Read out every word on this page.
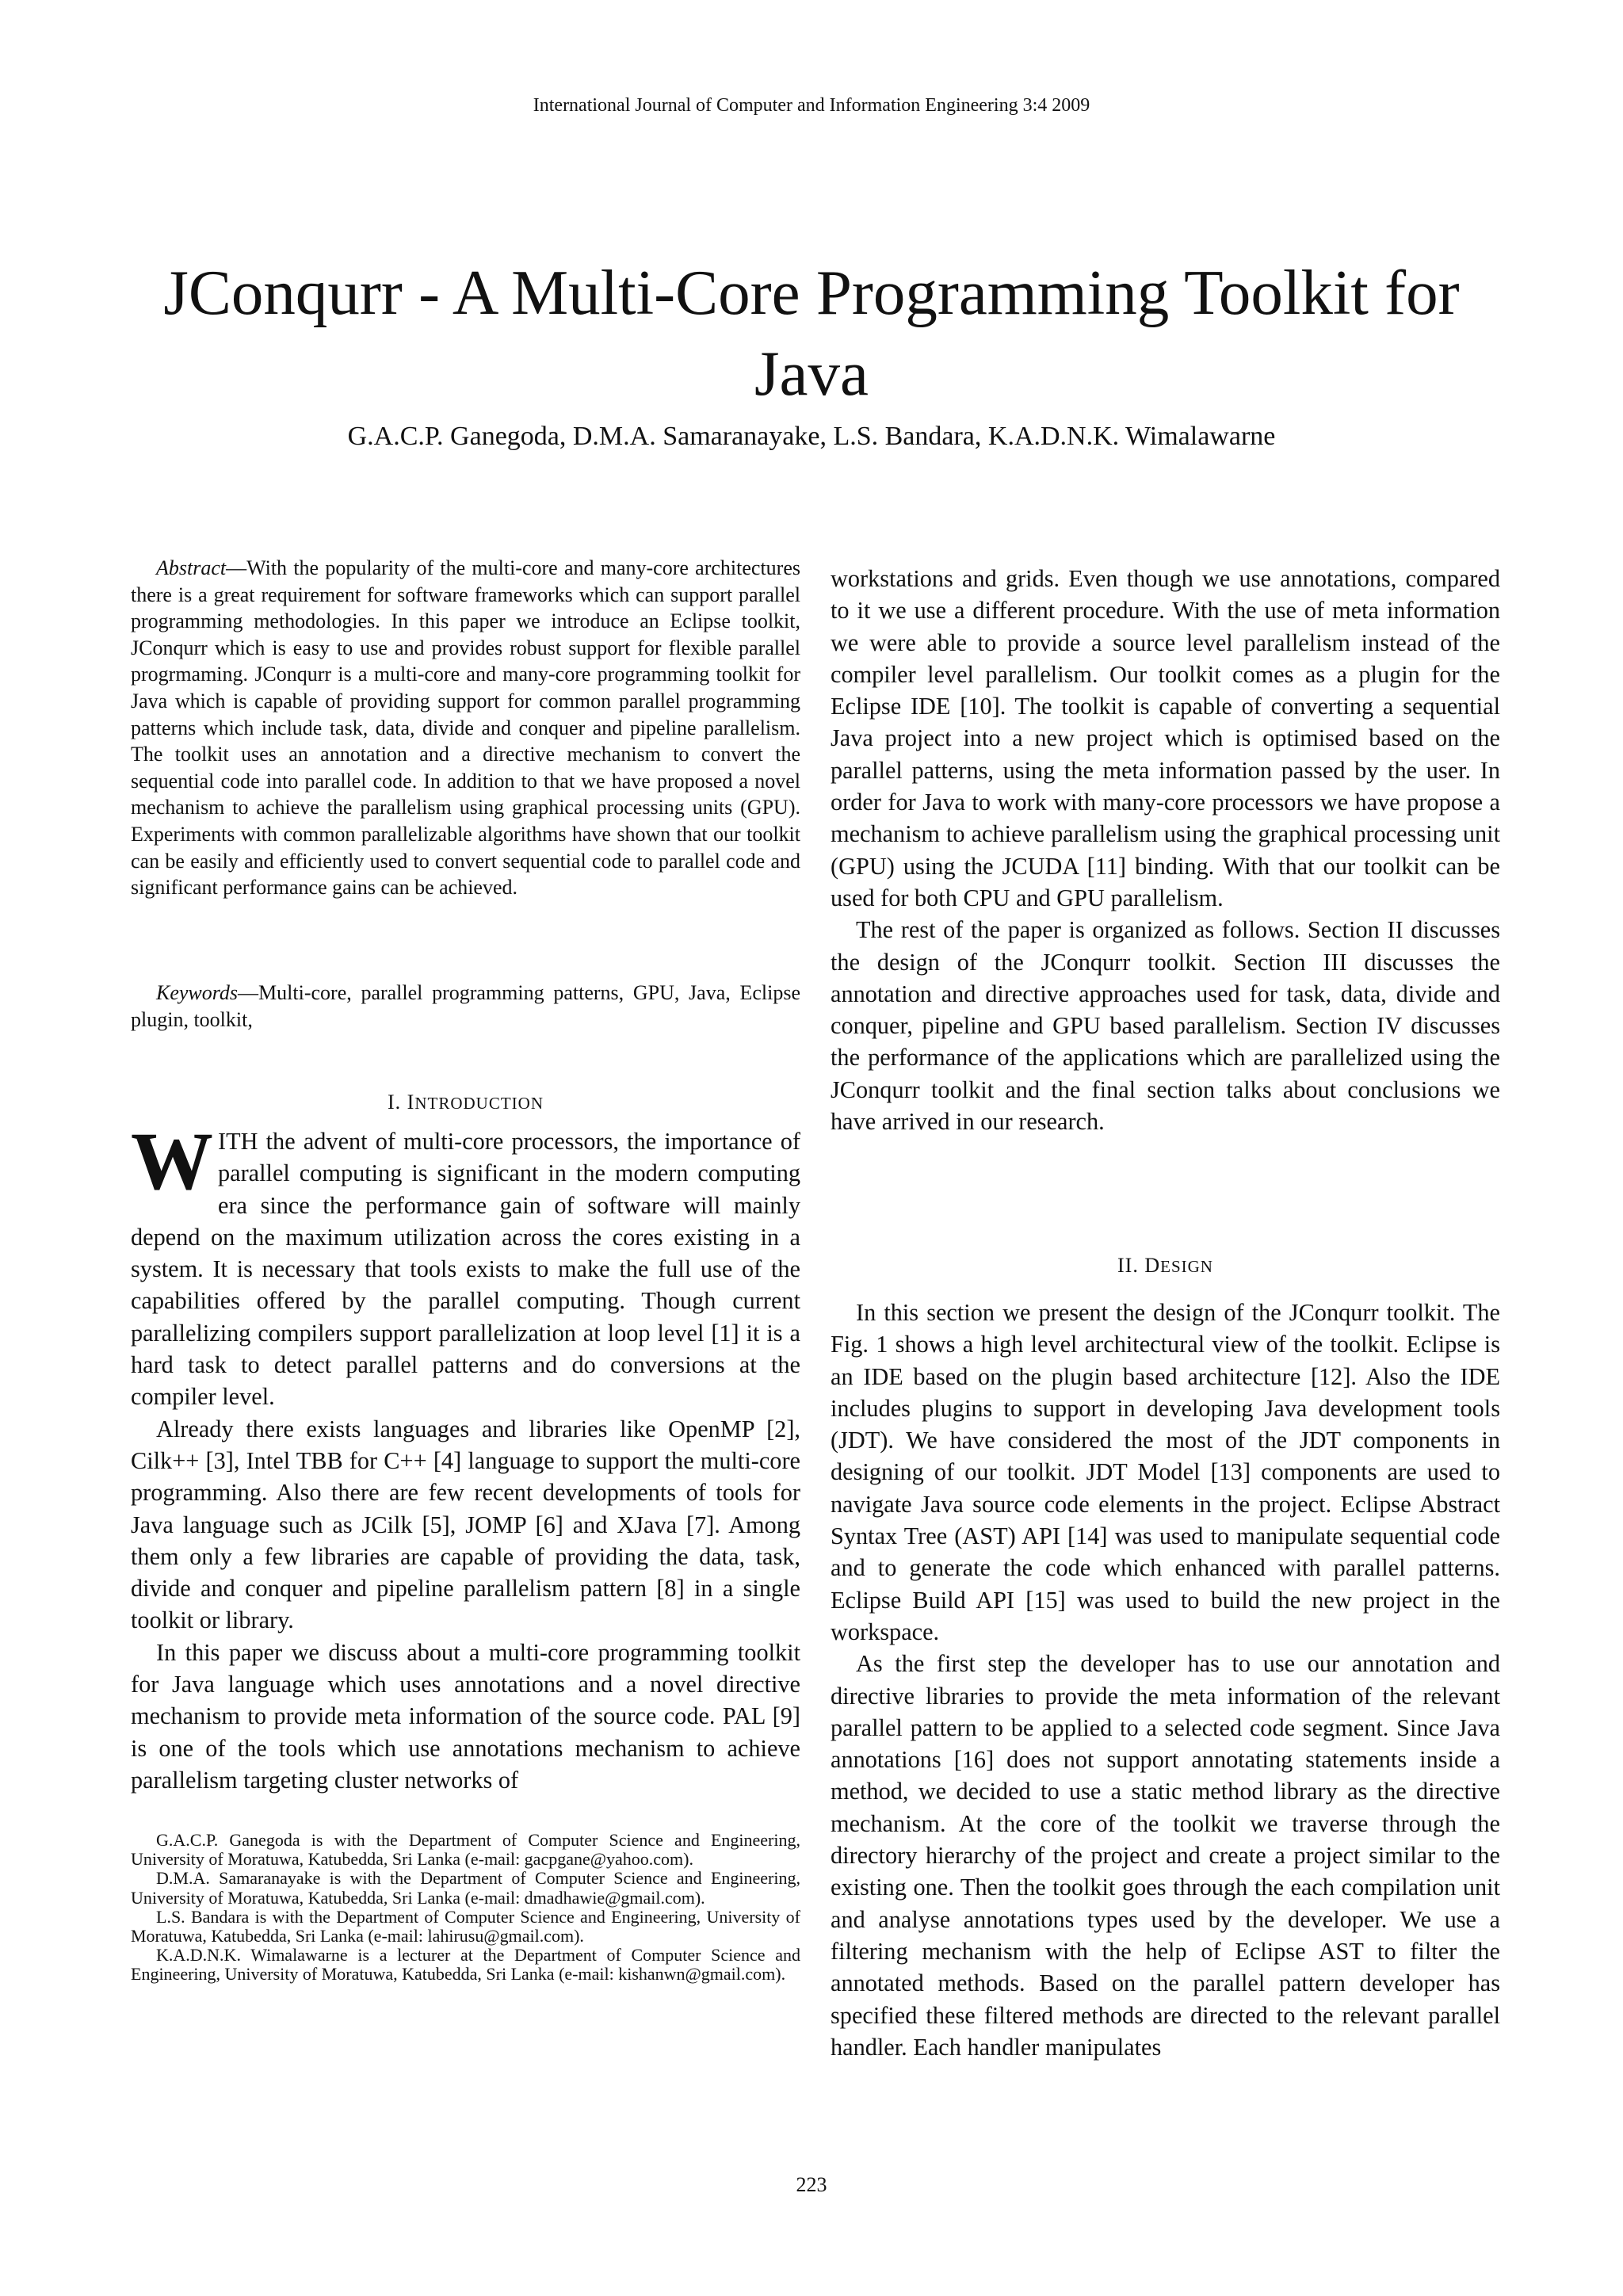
International Journal of Computer and Information Engineering 3:4 2009
JConqurr - A Multi-Core Programming Toolkit for Java
G.A.C.P. Ganegoda, D.M.A. Samaranayake, L.S. Bandara, K.A.D.N.K. Wimalawarne

Abstract—With the popularity of the multi-core and many-core architectures there is a great requirement for software frameworks which can support parallel programming methodologies. In this paper we introduce an Eclipse toolkit, JConqurr which is easy to use and provides robust support for flexible parallel progrmaming. JConqurr is a multi-core and many-core programming toolkit for Java which is capable of providing support for common parallel programming patterns which include task, data, divide and conquer and pipeline parallelism. The toolkit uses an annotation and a directive mechanism to convert the sequential code into parallel code. In addition to that we have proposed a novel mechanism to achieve the parallelism using graphical processing units (GPU). Experiments with common parallelizable algorithms have shown that our toolkit can be easily and efficiently used to convert sequential code to parallel code and significant performance gains can be achieved.

Keywords—Multi-core, parallel programming patterns, GPU, Java, Eclipse plugin, toolkit,

I. INTRODUCTION

WITH the advent of multi-core processors, the importance of parallel computing is significant in the modern computing era since the performance gain of software will mainly depend on the maximum utilization across the cores existing in a system. It is necessary that tools exists to make the full use of the capabilities offered by the parallel computing. Though current parallelizing compilers support parallelization at loop level [1] it is a hard task to detect parallel patterns and do conversions at the compiler level.

Already there exists languages and libraries like OpenMP [2], Cilk++ [3], Intel TBB for C++ [4] language to support the multi-core programming. Also there are few recent developments of tools for Java language such as JCilk [5], JOMP [6] and XJava [7]. Among them only a few libraries are capable of providing the data, task, divide and conquer and pipeline parallelism pattern [8] in a single toolkit or library.

In this paper we discuss about a multi-core programming toolkit for Java language which uses annotations and a novel directive mechanism to provide meta information of the source code. PAL [9] is one of the tools which use annotations mechanism to achieve parallelism targeting cluster networks of

G.A.C.P. Ganegoda is with the Department of Computer Science and Engineering, University of Moratuwa, Katubedda, Sri Lanka (e-mail: gacpgane@yahoo.com).

D.M.A. Samaranayake is with the Department of Computer Science and Engineering, University of Moratuwa, Katubedda, Sri Lanka (e-mail: dmadhawie@gmail.com).

L.S. Bandara is with the Department of Computer Science and Engineering, University of Moratuwa, Katubedda, Sri Lanka (e-mail: lahirusu@gmail.com).

K.A.D.N.K. Wimalawarne is a lecturer at the Department of Computer Science and Engineering, University of Moratuwa, Katubedda, Sri Lanka (e-mail: kishanwn@gmail.com).

workstations and grids. Even though we use annotations, compared to it we use a different procedure. With the use of meta information we were able to provide a source level parallelism instead of the compiler level parallelism. Our toolkit comes as a plugin for the Eclipse IDE [10]. The toolkit is capable of converting a sequential Java project into a new project which is optimised based on the parallel patterns, using the meta information passed by the user. In order for Java to work with many-core processors we have propose a mechanism to achieve parallelism using the graphical processing unit (GPU) using the JCUDA [11] binding. With that our toolkit can be used for both CPU and GPU parallelism.

The rest of the paper is organized as follows. Section II discusses the design of the JConqurr toolkit. Section III discusses the annotation and directive approaches used for task, data, divide and conquer, pipeline and GPU based parallelism. Section IV discusses the performance of the applications which are parallelized using the JConqurr toolkit and the final section talks about conclusions we have arrived in our research.

II. DESIGN

In this section we present the design of the JConqurr toolkit. The Fig. 1 shows a high level architectural view of the toolkit. Eclipse is an IDE based on the plugin based architecture [12]. Also the IDE includes plugins to support in developing Java development tools (JDT). We have considered the most of the JDT components in designing of our toolkit. JDT Model [13] components are used to navigate Java source code elements in the project. Eclipse Abstract Syntax Tree (AST) API [14] was used to manipulate sequential code and to generate the code which enhanced with parallel patterns. Eclipse Build API [15] was used to build the new project in the workspace.

As the first step the developer has to use our annotation and directive libraries to provide the meta information of the relevant parallel pattern to be applied to a selected code segment. Since Java annotations [16] does not support annotating statements inside a method, we decided to use a static method library as the directive mechanism. At the core of the toolkit we traverse through the directory hierarchy of the project and create a project similar to the existing one. Then the toolkit goes through the each compilation unit and analyse annotations types used by the developer. We use a filtering mechanism with the help of Eclipse AST to filter the annotated methods. Based on the parallel pattern developer has specified these filtered methods are directed to the relevant parallel handler. Each handler manipulates

223
